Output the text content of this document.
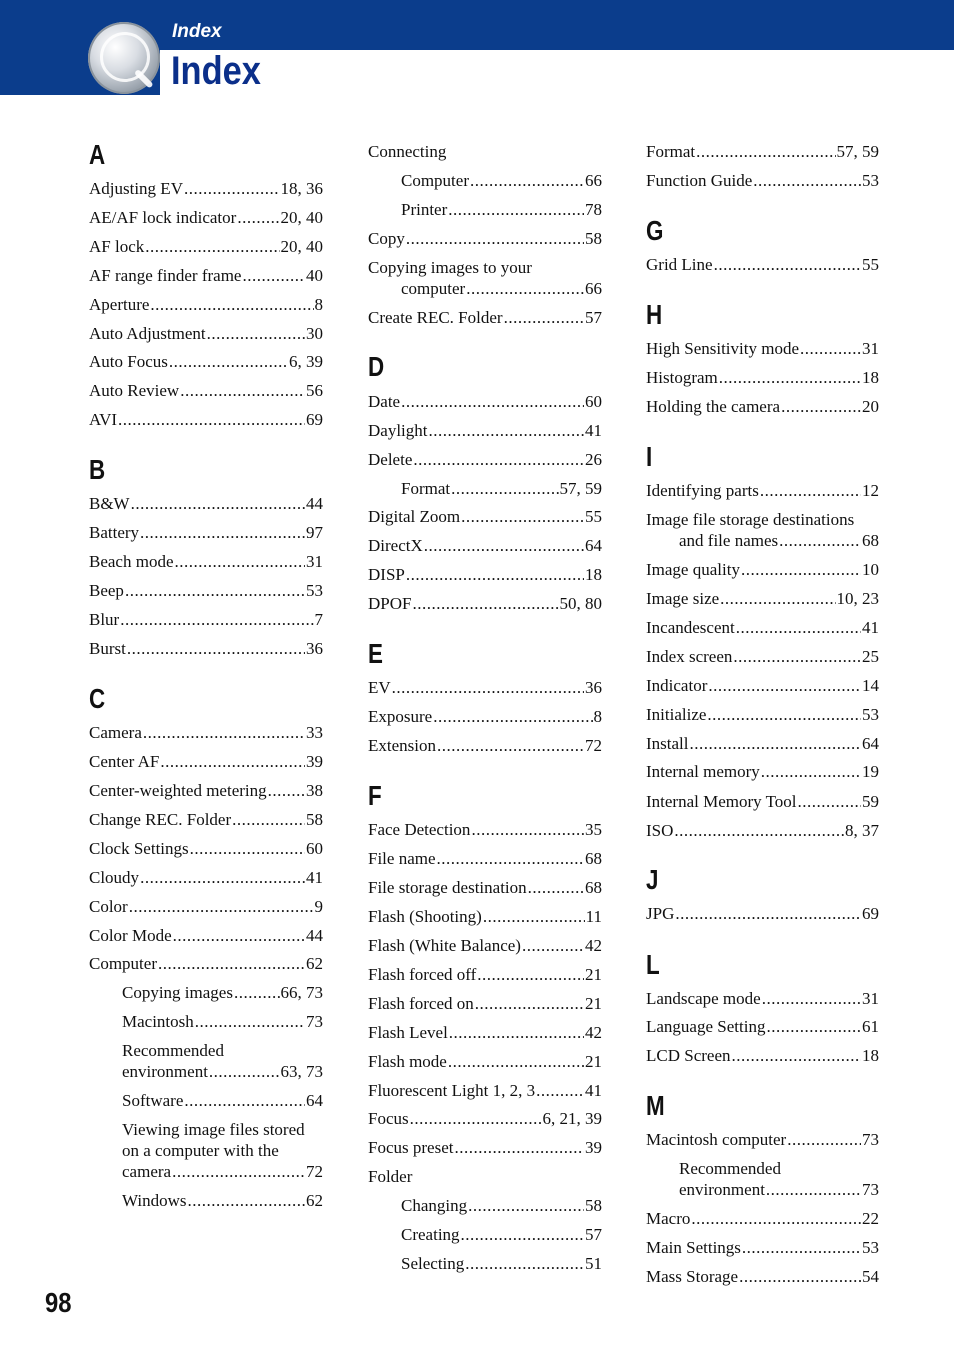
Index
Index
A
Adjusting EV .....	18, 36
AE/AF lock indicator .....	20, 40
AF lock .....	20, 40
AF range finder frame .....	40
Aperture .....	8
Auto Adjustment .....	30
Auto Focus .....	6, 39
Auto Review .....	56
AVI .....	69
B
B&W .....	44
Battery .....	97
Beach mode .....	31
Beep .....	53
Blur .....	7
Burst .....	36
C
Camera .....	33
Center AF .....	39
Center-weighted metering ..... 38
Change REC. Folder .....	58
Clock Settings .....	60
Cloudy .....	41
Color .....	9
Color Mode .....	44
Computer .....	62
Copying images .....	66, 73
Macintosh .....	73
Recommended
environment .....	63, 73
Software .....	64
Viewing image files stored
on a computer with the
camera .....	72
Windows .....	62
Connecting
Computer .....	66
Printer .....	78
Copy .....	58
Copying images to your
computer .....	66
Create REC. Folder .....	57
D
Date .....	60
Daylight .....	41
Delete .....	26
Format .....	57, 59
Digital Zoom .....	55
DirectX .....	64
DISP .....	18
DPOF .....	50, 80
E
EV .....	36
Exposure .....	8
Extension .....	72
F
Face Detection .....	35
File name .....	68
File storage destination .....	68
Flash (Shooting) .....	11
Flash (White Balance) .....	42
Flash forced off .....	21
Flash forced on .....	21
Flash Level .....	42
Flash mode .....	21
Fluorescent Light 1, 2, 3 .....	41
Focus .....	6, 21, 39
Focus preset .....	39
Folder
Changing .....	58
Creating .....	57
Selecting .....	51
Format .....	57, 59
Function Guide .....	53
G
Grid Line .....	55
H
High Sensitivity mode .....	31
Histogram .....	18
Holding the camera .....	20
I
Identifying parts .....	12
Image file storage destinations
and file names .....	68
Image quality .....	10
Image size .....	10, 23
Incandescent .....	41
Index screen .....	25
Indicator .....	14
Initialize .....	53
Install .....	64
Internal memory .....	19
Internal Memory Tool .....	59
ISO .....	8, 37
J
JPG .....	69
L
Landscape mode .....	31
Language Setting .....	61
LCD Screen .....	18
M
Macintosh computer .....	73
Recommended
environment .....	73
Macro .....	22
Main Settings .....	53
Mass Storage .....	54
98
